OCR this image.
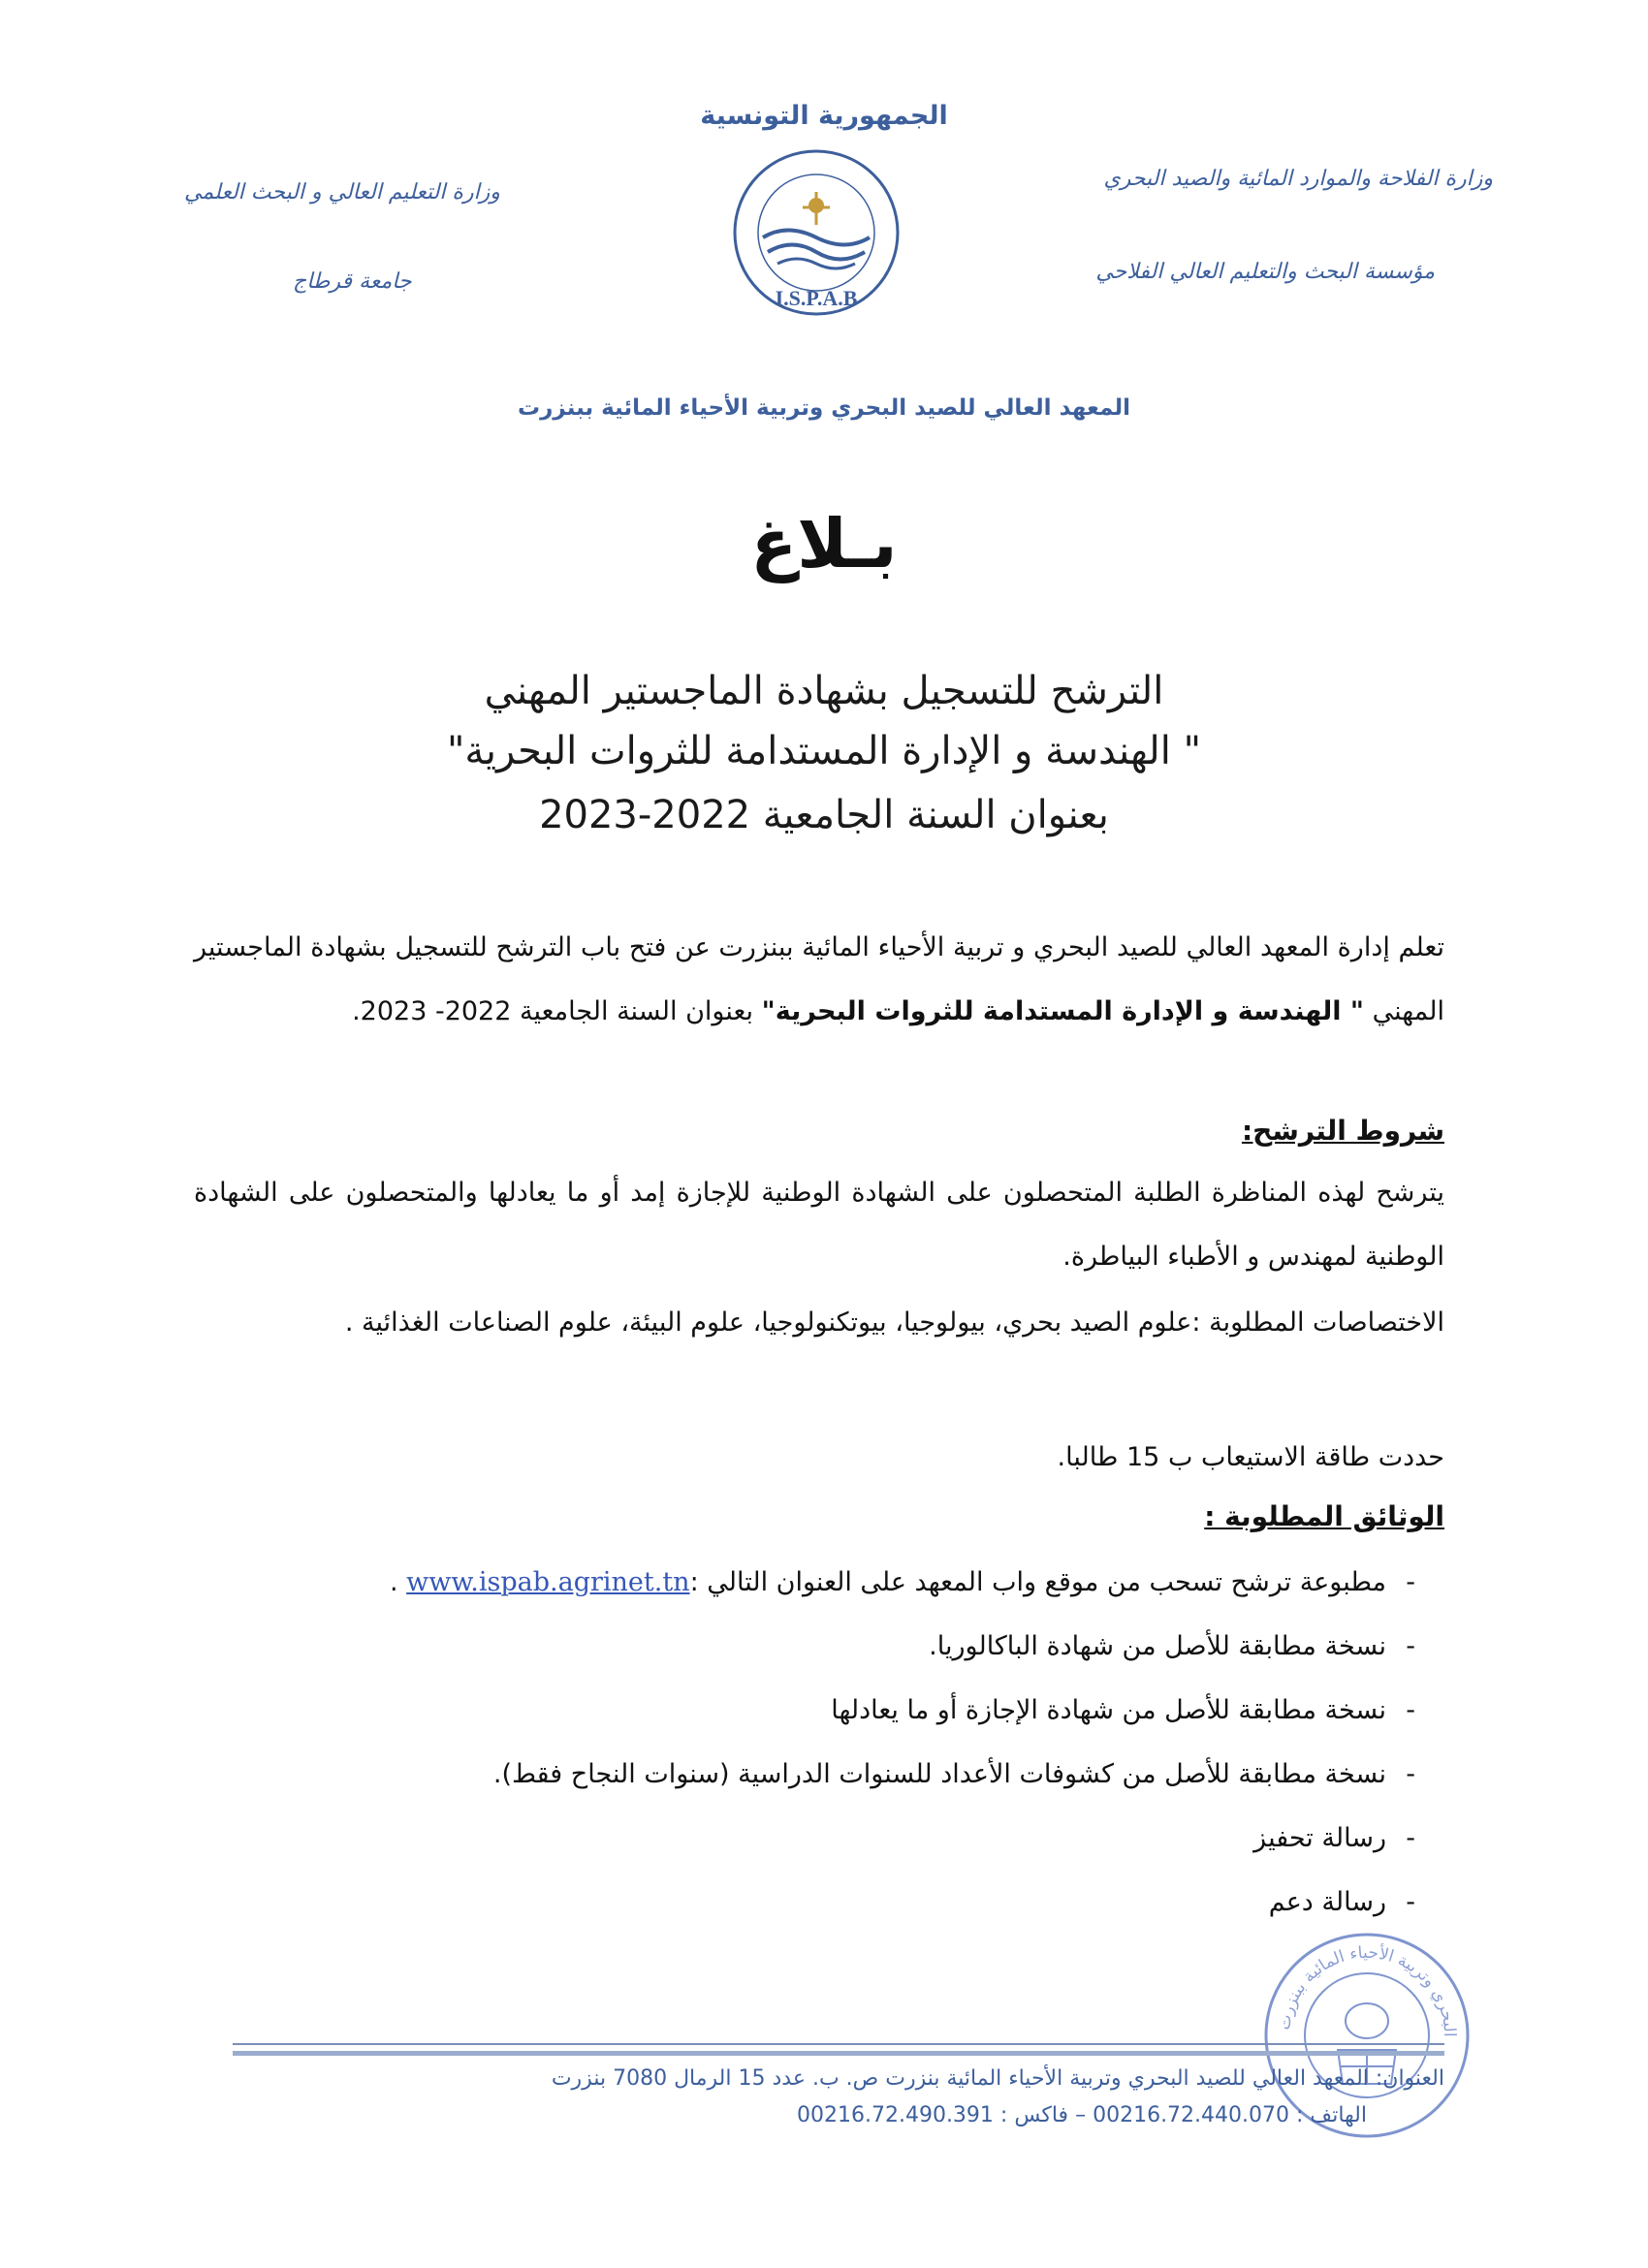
الجمهورية التونسية
وزارة الفلاحة والموارد المائية والصيد البحري
مؤسسة البحث والتعليم العالي الفلاحي
وزارة التعليم العالي و البحث العلمي
جامعة قرطاج
I.S.P.A.B
المعهد العالي للصيد البحري وتربية الأحياء المائية ببنزرت
بـلاغ
الترشح للتسجيل بشهادة الماجستير المهني
" الهندسة و الإدارة المستدامة للثروات البحرية"
بعنوان السنة الجامعية 2022-2023
تعلم إدارة المعهد العالي للصيد البحري و تربية الأحياء المائية ببنزرت عن فتح باب الترشح للتسجيل بشهادة الماجستير المهني " الهندسة و الإدارة المستدامة للثروات البحرية" بعنوان السنة الجامعية 2022- 2023.
شروط الترشح:
يترشح لهذه المناظرة الطلبة المتحصلون على الشهادة الوطنية للإجازة إمد أو ما يعادلها والمتحصلون على الشهادة الوطنية لمهندس و الأطباء البياطرة.
الاختصاصات المطلوبة :علوم الصيد بحري، بيولوجيا، بيوتكنولوجيا، علوم البيئة، علوم الصناعات الغذائية .
حددت طاقة الاستيعاب ب 15 طالبا.
الوثائق المطلوبة :
-
مطبوعة ترشح تسحب من موقع واب المعهد على العنوان التالي :www.ispab.agrinet.tn .
-
نسخة مطابقة للأصل من شهادة الباكالوريا.
-
نسخة مطابقة للأصل من شهادة الإجازة أو ما يعادلها
-
نسخة مطابقة للأصل من كشوفات الأعداد للسنوات الدراسية (سنوات النجاح فقط).
-
رسالة تحفيز
-
رسالة دعم
البحري وتربية الأحياء المائية ببنزرت
العنوان: المعهد العالي للصيد البحري وتربية الأحياء المائية بنزرت ص. ب. عدد 15 الرمال 7080 بنزرت
الهاتف : 00216.72.440.070 – فاكس : 00216.72.490.391
